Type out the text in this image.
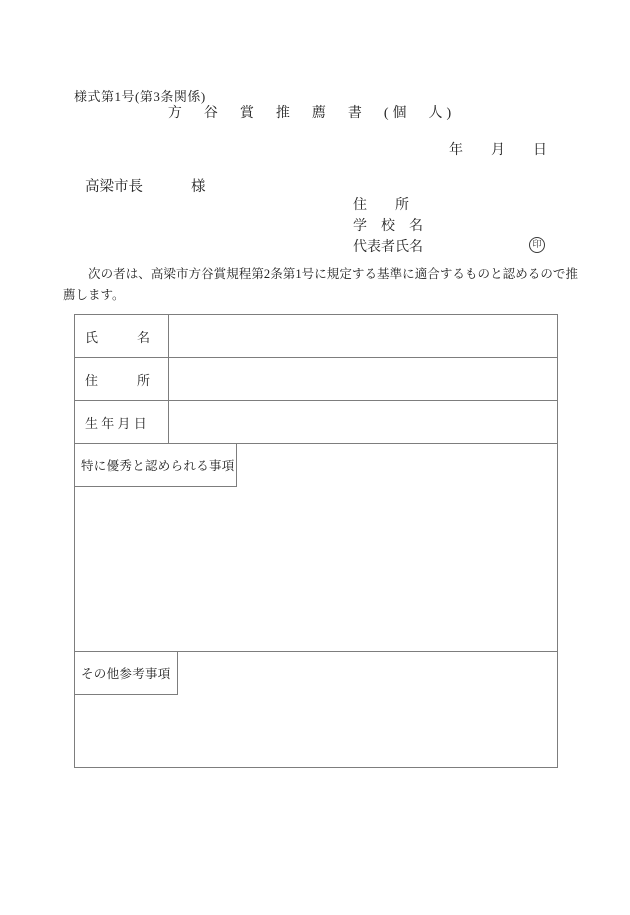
様式第1号(第3条関係)
方　谷　賞　推　薦　書　(個　人)
年　　月　　日
高梁市長	様
住　　所
学　校　名
代表者氏名	印

次の者は、高梁市方谷賞規程第2条第1号に規定する基準に適合するものと認めるので推薦します。

氏　　　名
住　　　所
生 年 月 日
特に優秀と認められる事項
その他参考事項
